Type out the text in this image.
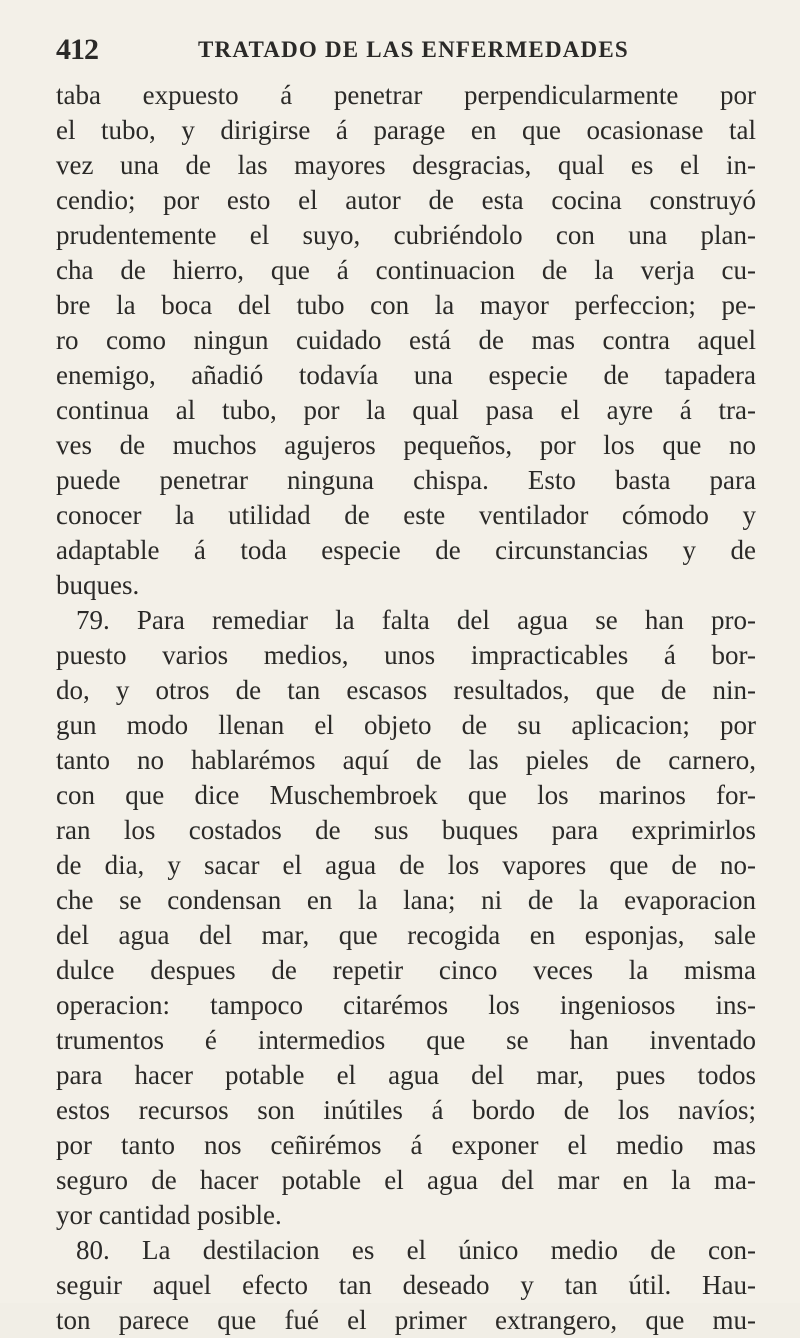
412	TRATADO DE LAS ENFERMEDADES
taba expuesto á penetrar perpendicularmente por
el tubo, y dirigirse á parage en que ocasionase tal
vez una de las mayores desgracias, qual es el in-
cendio; por esto el autor de esta cocina construyó
prudentemente el suyo, cubriéndolo con una plan-
cha de hierro, que á continuacion de la verja cu-
bre la boca del tubo con la mayor perfeccion; pe-
ro como ningun cuidado está de mas contra aquel
enemigo, añadió todavía una especie de tapadera
continua al tubo, por la qual pasa el ayre á tra-
ves de muchos agujeros pequeños, por los que no
puede penetrar ninguna chispa. Esto basta para
conocer la utilidad de este ventilador cómodo y
adaptable á toda especie de circunstancias y de
buques.
79. Para remediar la falta del agua se han pro-
puesto varios medios, unos impracticables á bor-
do, y otros de tan escasos resultados, que de nin-
gun modo llenan el objeto de su aplicacion; por
tanto no hablarémos aquí de las pieles de carnero,
con que dice Muschembroek que los marinos for-
ran los costados de sus buques para exprimirlos
de dia, y sacar el agua de los vapores que de no-
che se condensan en la lana; ni de la evaporacion
del agua del mar, que recogida en esponjas, sale
dulce despues de repetir cinco veces la misma
operacion: tampoco citarémos los ingeniosos ins-
trumentos é intermedios que se han inventado
para hacer potable el agua del mar, pues todos
estos recursos son inútiles á bordo de los navíos;
por tanto nos ceñirémos á exponer el medio mas
seguro de hacer potable el agua del mar en la ma-
yor cantidad posible.
80. La destilacion es el único medio de con-
seguir aquel efecto tan deseado y tan útil. Hau-
ton parece que fué el primer extrangero, que mu-
